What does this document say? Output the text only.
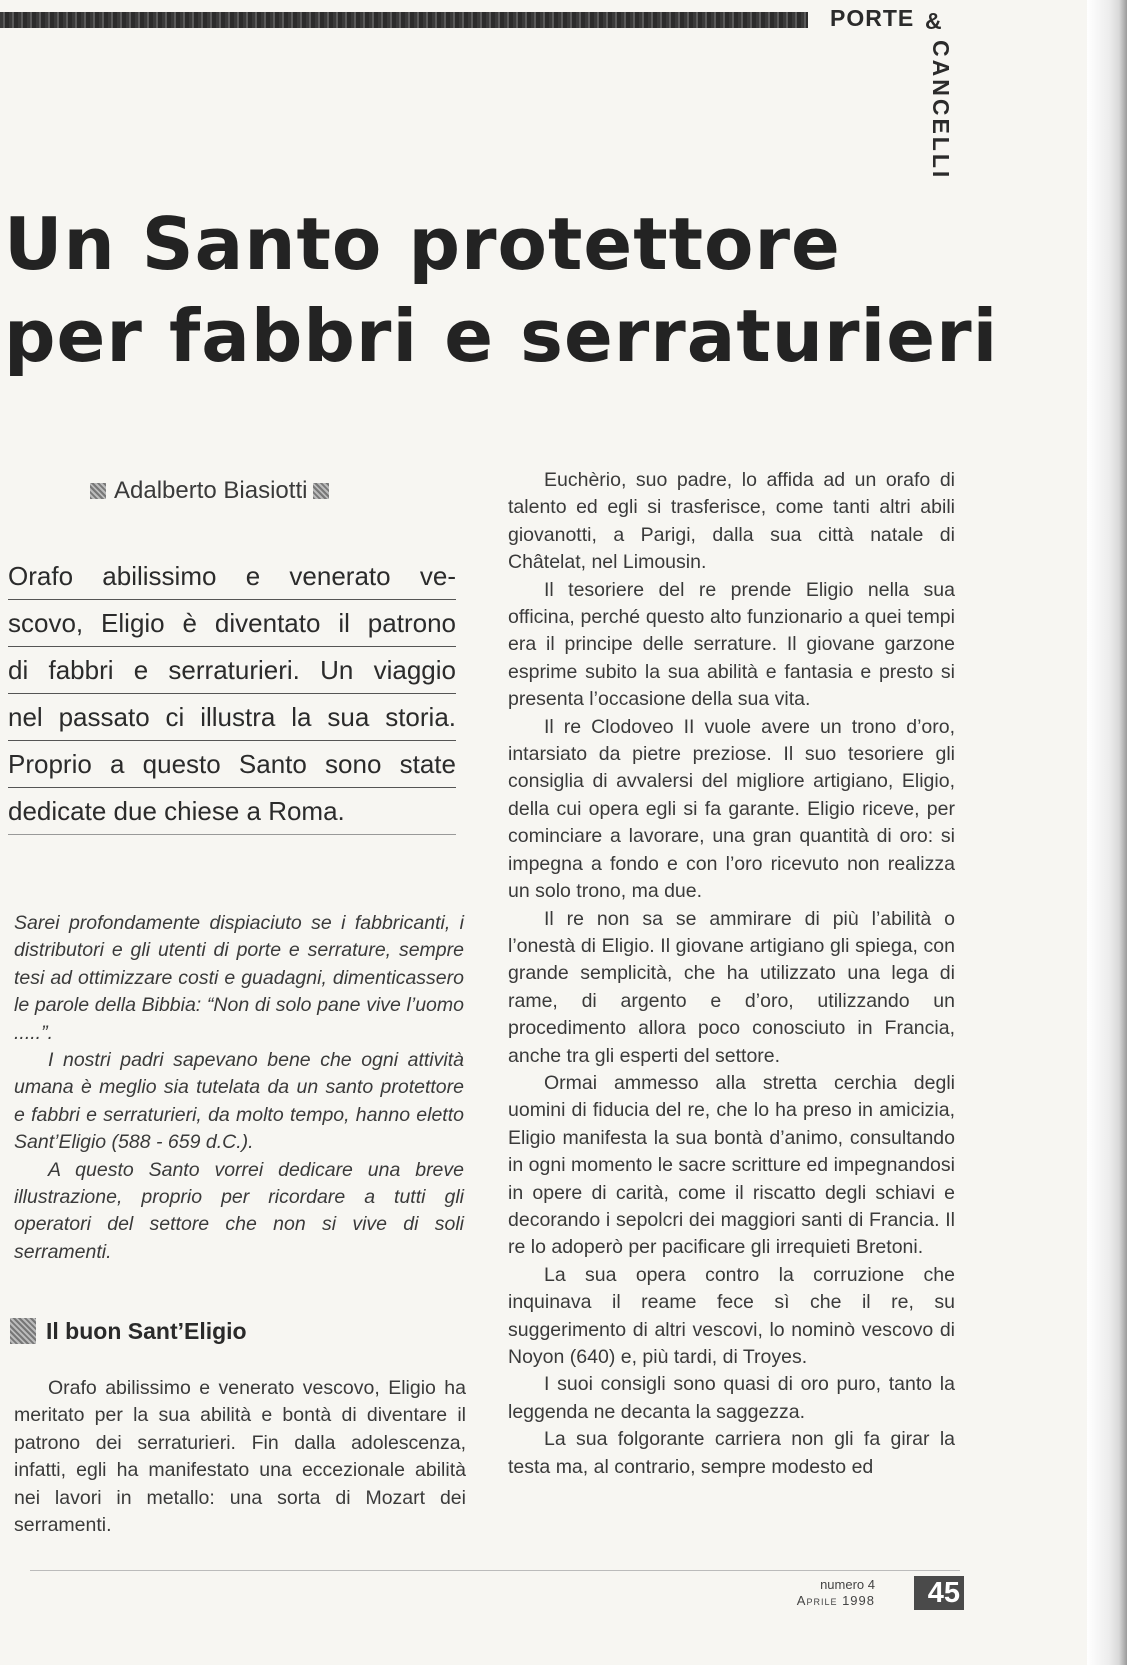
PORTE &
CANCELLI
Un Santo protettore
per fabbri e serraturieri
Adalberto Biasiotti
Orafo abilissimo e venerato ve-
scovo, Eligio è diventato il patrono
di fabbri e serraturieri. Un viaggio
nel passato ci illustra la sua storia.
Proprio a questo Santo sono state
dedicate due chiese a Roma.

Sarei profondamente dispiaciuto se i fabbricanti, i distributori e gli utenti di porte e serrature, sempre tesi ad ottimizzare costi e guadagni, dimenticassero le parole della Bibbia: “Non di solo pane vive l’uomo .....”.

I nostri padri sapevano bene che ogni attività umana è meglio sia tutelata da un santo protettore e fabbri e serraturieri, da molto tempo, hanno eletto Sant’Eligio (588 - 659 d.C.).

A questo Santo vorrei dedicare una breve illustrazione, proprio per ricordare a tutti gli operatori del settore che non si vive di soli serramenti.

Il buon Sant’Eligio

Orafo abilissimo e venerato vescovo, Eligio ha meritato per la sua abilità e bontà di diventare il patrono dei serraturieri. Fin dalla adolescenza, infatti, egli ha manifestato una eccezionale abilità nei lavori in metallo: una sorta di Mozart dei serramenti.

Euchèrio, suo padre, lo affida ad un orafo di talento ed egli si trasferisce, come tanti altri abili giovanotti, a Parigi, dalla sua città natale di Châtelat, nel Limousin.

Il tesoriere del re prende Eligio nella sua officina, perché questo alto funzionario a quei tempi era il principe delle serrature. Il giovane garzone esprime subito la sua abilità e fantasia e presto si presenta l’occasione della sua vita.

Il re Clodoveo II vuole avere un trono d’oro, intarsiato da pietre preziose. Il suo tesoriere gli consiglia di avvalersi del migliore artigiano, Eligio, della cui opera egli si fa garante. Eligio riceve, per cominciare a lavorare, una gran quantità di oro: si impegna a fondo e con l’oro ricevuto non realizza un solo trono, ma due.

Il re non sa se ammirare di più l’abilità o l’onestà di Eligio. Il giovane artigiano gli spiega, con grande semplicità, che ha utilizzato una lega di rame, di argento e d’oro, utilizzando un procedimento allora poco conosciuto in Francia, anche tra gli esperti del settore.

Ormai ammesso alla stretta cerchia degli uomini di fiducia del re, che lo ha preso in amicizia, Eligio manifesta la sua bontà d’animo, consultando in ogni momento le sacre scritture ed impegnandosi in opere di carità, come il riscatto degli schiavi e decorando i sepolcri dei maggiori santi di Francia. Il re lo adoperò per pacificare gli irrequieti Bretoni.

La sua opera contro la corruzione che inquinava il reame fece sì che il re, su suggerimento di altri vescovi, lo nominò vescovo di Noyon (640) e, più tardi, di Troyes.

I suoi consigli sono quasi di oro puro, tanto la leggenda ne decanta la saggezza.

La sua folgorante carriera non gli fa girar la testa ma, al contrario, sempre modesto ed

numero 4
Aprile 1998	45
